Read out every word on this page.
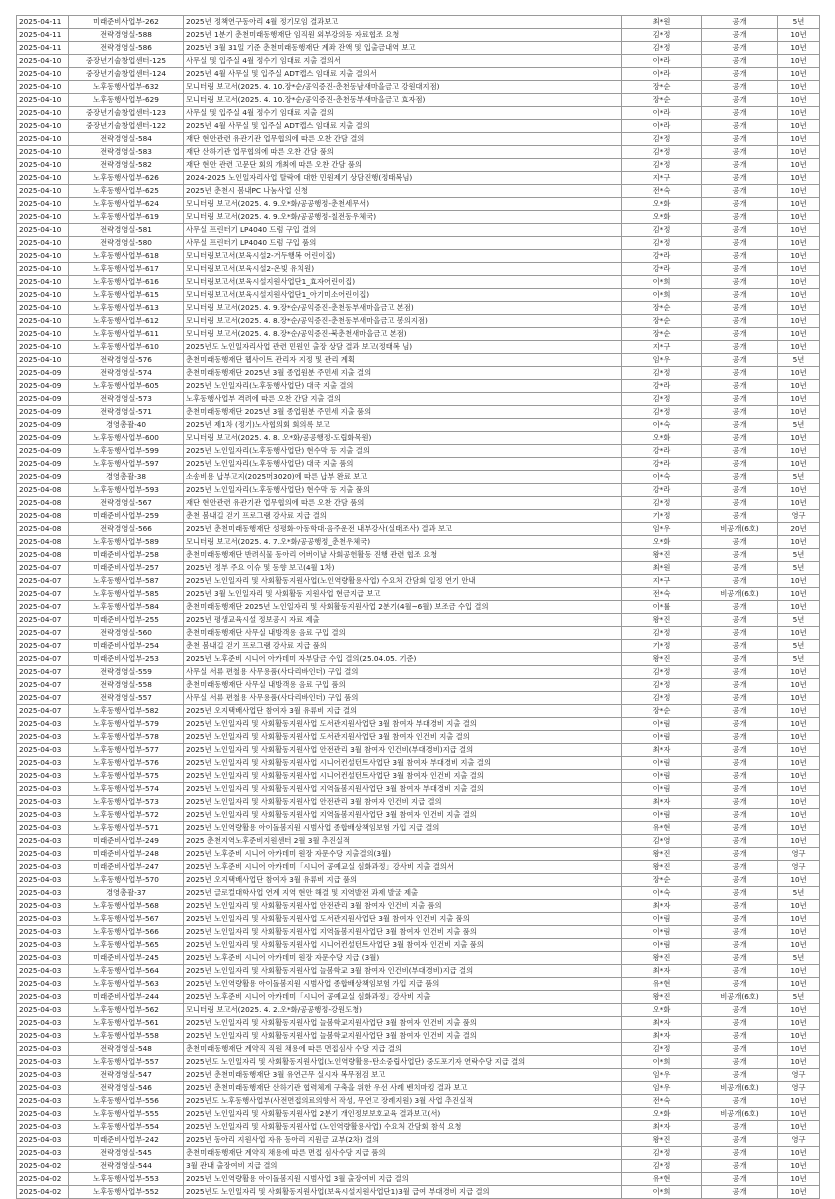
2025-04-11	미래준비사업부-262	2025년 정책연구동아리 4월 정기모임 결과보고	최*원	공개	5년
2025-04-11	전략경영실-588	2025년 1분기 춘천미래동행재단 임직원 외부강의등 자료협조 요청	김*정	공개	10년
2025-04-11	전략경영실-586	2025년 3월 31일 기준 춘천미래동행재단 계좌 잔액 및 입출금내역 보고	김*정	공개	10년
2025-04-10	중장년기술창업센터-125	사무실 및 입주실 4월 정수기 임대료 지출 결의서	이*라	공개	10년
2025-04-10	중장년기술창업센터-124	2025년 4월 사무실 및 입주실 ADT캡스 임대료 지출 결의서	이*라	공개	10년
2025-04-10	노후동행사업부-632	모니터링 보고서(2025. 4. 10.장*순/공익증진-춘천동남새마을금고 강원대지점)	장*순	공개	10년
2025-04-10	노후동행사업부-629	모니터링 보고서(2025. 4. 10.장*순/공익증진-춘천동부새마을금고 효자점)	장*순	공개	10년
2025-04-10	중장년기술창업센터-123	사무실 및 입주실 4월 정수기 임대료 지출 결의	이*라	공개	10년
2025-04-10	중장년기술창업센터-122	2025년 4월 사무실 및 입주실 ADT캡스 임대료 지출 결의	이*라	공개	10년
2025-04-10	전략경영실-584	재단 현안관련 유관기관 업무협의에 따른 오찬 간담 결의	김*정	공개	10년
2025-04-10	전략경영실-583	재단 산하기관 업무협의에 따른 오찬 간담 품의	김*정	공개	10년
2025-04-10	전략경영실-582	재단 현안 관련 고문단 회의 개최에 따른 오찬 간담 품의	김*정	공개	10년
2025-04-10	노후동행사업부-626	2024-2025 노인일자리사업 탈락에 대한 민원제기 상담진행(정태복님)	지*구	공개	10년
2025-04-10	노후동행사업부-625	2025년 춘천시 봄내PC 나눔사업 신청	전*숙	공개	10년
2025-04-10	노후동행사업부-624	모니터링 보고서(2025. 4. 9.오*화/공공행정-춘천세무서)	오*화	공개	10년
2025-04-10	노후동행사업부-619	모니터링 보고서(2025. 4. 9.오*화/공공행정-칠전동우체국)	오*화	공개	10년
2025-04-10	전략경영실-581	사무실 프린터기 LP4040 드럼 구입 결의	김*정	공개	10년
2025-04-10	전략경영실-580	사무실 프린터기 LP4040 드럼 구입 품의	김*정	공개	10년
2025-04-10	노후동행사업부-618	모니터링보고서(보육시설2-거두행복 어린이집)	강*라	공개	10년
2025-04-10	노후동행사업부-617	모니터링보고서(보육시설2-온빛 유치원)	강*라	공개	10년
2025-04-10	노후동행사업부-616	모니터링보고서(보육시설지원사업단1_효자어린이집)	이*희	공개	10년
2025-04-10	노후동행사업부-615	모니터링보고서(보육시설지원사업단1_아기미소어린이집)	이*희	공개	10년
2025-04-10	노후동행사업부-613	모니터링 보고서(2025. 4. 9.장*순/공익증진-춘천동부새마을금고 본점)	장*순	공개	10년
2025-04-10	노후동행사업부-612	모니터링 보고서(2025. 4. 8.장*순/공익증진-춘천동부새마을금고 봉의지점)	장*순	공개	10년
2025-04-10	노후동행사업부-611	모니터링 보고서(2025. 4. 8.장*순/공익증진-북춘천새마을금고 본점)	장*순	공개	10년
2025-04-10	노후동행사업부-610	2025년도 노인일자리사업 관련 민원인 출장 상담 결과 보고(정태복 님)	지*구	공개	10년
2025-04-10	전략경영실-576	춘천미래동행재단 웹사이트 관리자 지정 및 관리 계획	임*우	공개	5년
2025-04-09	전략경영실-574	춘천미래동행재단 2025년 3월 종업원분 주민세 지출 결의	김*정	공개	10년
2025-04-09	노후동행사업부-605	2025년 노인일자리(노후동행사업단) 대국 지출 결의	강*라	공개	10년
2025-04-09	전략경영실-573	노후동행사업부 격려에 따른 오찬 간담 지출 결의	김*정	공개	10년
2025-04-09	전략경영실-571	춘천미래동행재단 2025년 3월 종업원분 주민세 지출 품의	김*정	공개	10년
2025-04-09	경영총괄-40	2025년 제1차 (정기)노사협의회 회의록 보고	이*숙	공개	5년
2025-04-09	노후동행사업부-600	모니터링 보고서(2025. 4. 8. 오*화/공공행정-도립화목원)	오*화	공개	10년
2025-04-09	노후동행사업부-599	2025년 노인일자리(노후동행사업단) 현수막 등 지출 결의	강*라	공개	10년
2025-04-09	노후동행사업부-597	2025년 노인일자리(노후동행사업단) 대국 지출 품의	강*라	공개	10년
2025-04-09	경영총괄-38	소송비용 납부고지(2025머3020)에 따른 납부 완료 보고	이*숙	공개	5년
2025-04-08	노후동행사업부-593	2025년 노인일자리(노후동행사업단) 현수막 등 지출 품의	강*라	공개	10년
2025-04-08	전략경영실-567	재단 현안관련 유관기관 업무협의에 따른 오찬 간담 품의	김*정	공개	10년
2025-04-08	미래준비사업부-259	춘천 봄내길 걷기 프로그램 강사료 지급 결의	기*정	공개	영구
2025-04-08	전략경영실-566	2025년 춘천미래동행재단 성평화·아동학대·음주운전 내부강사(실태조사) 결과 보고	임*우	비공개(6호)	20년
2025-04-08	노후동행사업부-589	모니터링 보고서(2025. 4. 7.오*화/공공행정_춘천우체국)	오*화	공개	10년
2025-04-08	미래준비사업부-258	춘천미래동행재단 반려식물 동아리 어버이날 사회공헌활동 진행 관련 협조 요청	왕*진	공개	5년
2025-04-07	미래준비사업부-257	2025년 정부 주요 이슈 및 동향 보고(4월 1차)	최*원	공개	5년
2025-04-07	노후동행사업부-587	2025년 노인일자리 및 사회활동지원사업(노인역량활용사업) 수요처 간담회 일정 연기 안내	지*구	공개	10년
2025-04-07	노후동행사업부-585	2025년 3월 노인일자리 및 사회활동 지원사업 현금지급 보고	전*숙	비공개(6호)	10년
2025-04-07	노후동행사업부-584	춘천미래동행재단 2025년 노인일자리 및 사회활동지원사업 2분기(4월~6월) 보조금 수입 결의	이*률	공개	10년
2025-04-07	미래준비사업부-255	2025년 평생교육시설 정보공시 자료 제출	왕*진	공개	5년
2025-04-07	전략경영실-560	춘천미래동행재단 사무실 내방객용 음료 구입 결의	김*정	공개	10년
2025-04-07	미래준비사업부-254	춘천 봄내길 걷기 프로그램 강사료 지급 품의	기*정	공개	5년
2025-04-07	미래준비사업부-253	2025년 노후준비 시니어 아카데미 자부담금 수입 결의(25.04.05. 기준)	왕*진	공개	5년
2025-04-07	전략경영실-559	사무실 서류 편철용 사무용품(사다리바인더) 구입 결의	김*정	공개	10년
2025-04-07	전략경영실-558	춘천미래동행재단 사무실 내방객용 음료 구입 품의	김*정	공개	10년
2025-04-07	전략경영실-557	사무실 서류 편철용 사무용품(사다리바인더) 구입 품의	김*정	공개	10년
2025-04-07	노후동행사업부-582	2025년 오지택배사업단 참여자 3월 유류비 지급 결의	장*순	공개	10년
2025-04-03	노후동행사업부-579	2025년 노인일자리 및 사회활동지원사업 도서관지원사업단 3월 참여자 부대경비 지출 결의	이*림	공개	10년
2025-04-03	노후동행사업부-578	2025년 노인일자리 및 사회활동지원사업 도서관지원사업단 3월 참여자 인건비 지출 결의	이*림	공개	10년
2025-04-03	노후동행사업부-577	2025년 노인일자리 및 사회활동지원사업 안전관리 3월 참여자 인건비(부대경비)지급 결의	최*자	공개	10년
2025-04-03	노후동행사업부-576	2025년 노인일자리 및 사회활동지원사업 시니어컨설턴트사업단 3월 참여자 부대경비 지출 결의	이*림	공개	10년
2025-04-03	노후동행사업부-575	2025년 노인일자리 및 사회활동지원사업 시니어컨설턴트사업단 3월 참여자 인건비 지출 결의	이*림	공개	10년
2025-04-03	노후동행사업부-574	2025년 노인일자리 및 사회활동지원사업 지역돌봄지원사업단 3월 참여자 부대경비 지출 결의	이*림	공개	10년
2025-04-03	노후동행사업부-573	2025년 노인일자리 및 사회활동지원사업 안전관리 3월 참여자 인건비 지급 결의	최*자	공개	10년
2025-04-03	노후동행사업부-572	2025년 노인일자리 및 사회활동지원사업 지역돌봄지원사업단 3월 참여자 인건비 지출 결의	이*림	공개	10년
2025-04-03	노후동행사업부-571	2025년 노인역량활용 아이돌봄지원 시범사업 종합배상책임보험 가입 지급 결의	유*현	공개	10년
2025-04-03	미래준비사업부-249	2025 춘천지역노후준비지원센터 2월 3월 추진실적	김*영	공개	10년
2025-04-03	미래준비사업부-248	2025년 노후준비 시니어 아카데미 원장 자문수당 지출결의(3월)	왕*진	공개	영구
2025-04-03	미래준비사업부-247	2025년 노후준비 시니어 아카데미「시니어 공예교실 심화과정」강사비 지출 결의서	왕*진	공개	영구
2025-04-03	노후동행사업부-570	2025년 오지택배사업단 참여자 3월 유류비 지급 품의	장*순	공개	10년
2025-04-03	경영총괄-37	2025년 글로컬대학사업 연계 지역 현안 해결 및 지역발전 과제 발굴 제출	이*숙	공개	5년
2025-04-03	노후동행사업부-568	2025년 노인일자리 및 사회활동지원사업 안전관리 3월 참여자 인건비 지출 품의	최*자	공개	10년
2025-04-03	노후동행사업부-567	2025년 노인일자리 및 사회활동지원사업 도서관지원사업단 3월 참여자 인건비 지출 품의	이*림	공개	10년
2025-04-03	노후동행사업부-566	2025년 노인일자리 및 사회활동지원사업 지역돌봄지원사업단 3월 참여자 인건비 지출 품의	이*림	공개	10년
2025-04-03	노후동행사업부-565	2025년 노인일자리 및 사회활동지원사업 시니어컨설턴트사업단 3월 참여자 인건비 지출 품의	이*림	공개	10년
2025-04-03	미래준비사업부-245	2025년 노후준비 시니어 아카데미 원장 자문수당 지급 (3월)	왕*진	공개	5년
2025-04-03	노후동행사업부-564	2025년 노인일자리 및 사회활동지원사업 늘봄학교 3월 참여자 인건비(부대경비)지급 결의	최*자	공개	10년
2025-04-03	노후동행사업부-563	2025년 노인역량활용 아이돌봄지원 시범사업 종합배상책임보험 가입 지급 품의	유*현	공개	10년
2025-04-03	미래준비사업부-244	2025년 노후준비 시니어 아카데미「시니어 공예교실 심화과정」강사비 지출	왕*진	비공개(6호)	5년
2025-04-03	노후동행사업부-562	모니터링 보고서(2025. 4. 2.오*화/공공행정-강원도청)	오*화	공개	10년
2025-04-03	노후동행사업부-561	2025년 노인일자리 및 사회활동지원사업 늘봄학교지원사업단 3월 참여자 인건비 지출 품의	최*자	공개	10년
2025-04-03	노후동행사업부-558	2025년 노인일자리 및 사회활동지원사업 늘봄학교지원사업단 3월 참여자 인건비 지출 결의	최*자	공개	10년
2025-04-03	전략경영실-548	춘천미래동행재단 계약직 직원 채용에 따른 면접심사 수당 지급 결의	김*정	공개	10년
2025-04-03	노후동행사업부-557	2025년도 노인일자리 및 사회활동지원사업(노인역량활용-탄소중립사업단) 중도포기자 연락수당 지급 결의	이*희	공개	10년
2025-04-03	전략경영실-547	2025년 춘천미래동행재단 3월 유연근무 실시자 복무점검 보고	임*우	공개	영구
2025-04-03	전략경영실-546	2025년 춘천미래동행재단 산하기관 협력체계 구축을 위한 우선 사례 벤치마킹 결과 보고	임*우	비공개(6호)	영구
2025-04-03	노후동행사업부-556	2025년도 노후동행사업부(사전면접의료의향서 작성, 무연고 장례지원) 3월 사업 추진실적	전*숙	공개	10년
2025-04-03	노후동행사업부-555	2025년 노인일자리 및 사회활동지원사업 2분기 개인정보보호교육 결과보고(서)	오*화	비공개(6호)	10년
2025-04-03	노후동행사업부-554	2025년 노인일자리 및 사회활동지원사업 (노인역량활용사업) 수요처 간담회 참석 요청	최*자	공개	10년
2025-04-03	미래준비사업부-242	2025년 동아리 지원사업 자유 동아리 지원금 교부(2차) 결의	왕*진	공개	영구
2025-04-03	전략경영실-545	춘천미래동행재단 계약직 채용에 따른 면접 심사수당 지급 품의	김*정	공개	10년
2025-04-02	전략경영실-544	3월 관내 출장여비 지급 결의	김*정	공개	10년
2025-04-02	노후동행사업부-553	2025년 노인역량활용 아이돌봄지원 시범사업 3월 출장여비 지급 결의	유*현	공개	10년
2025-04-02	노후동행사업부-552	2025년도 노인일자리 및 사회활동지원사업(보육시설지원사업단1)3월 급여 부대경비 지급 결의	이*희	공개	10년
